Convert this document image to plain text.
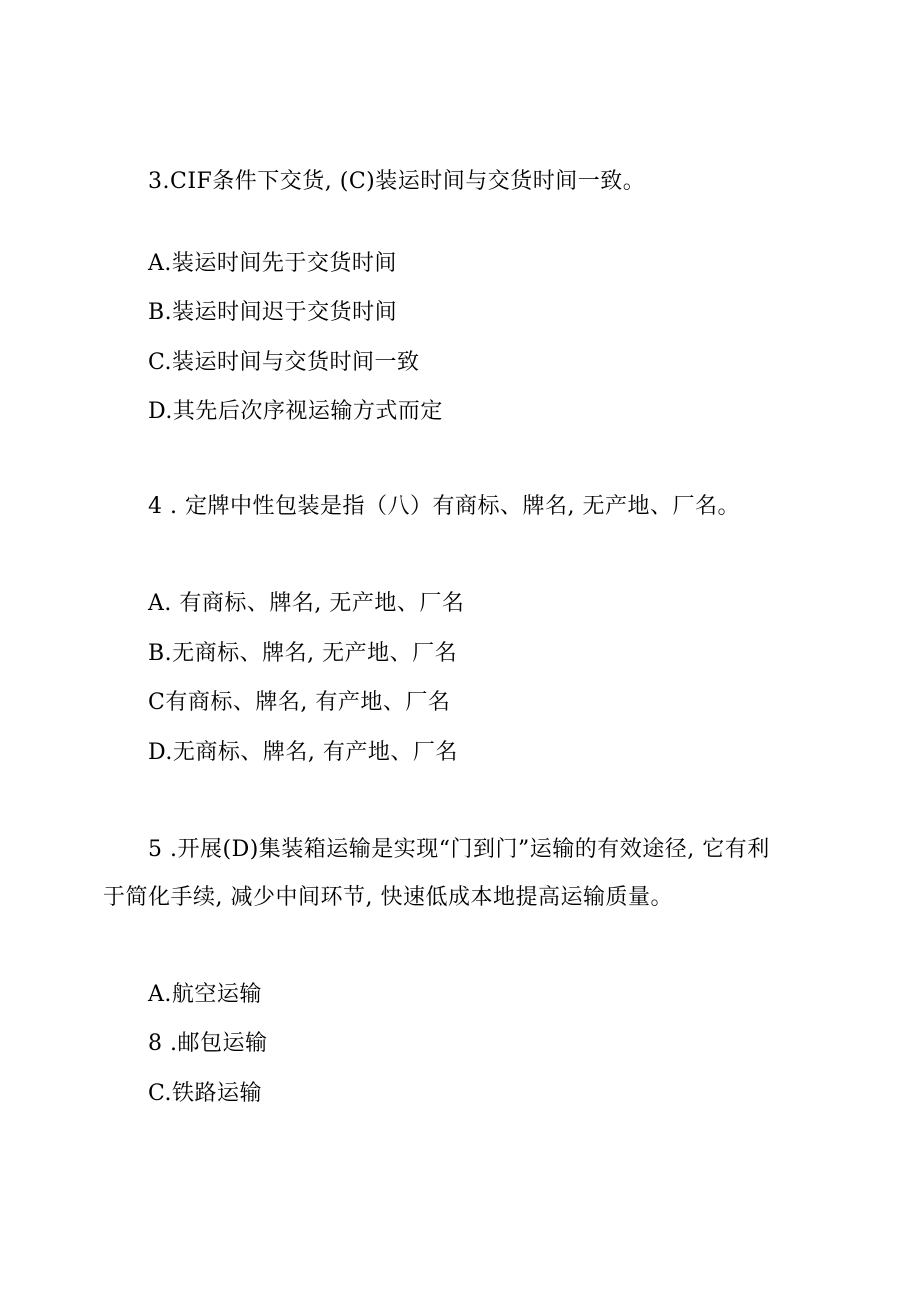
3.CIF条件下交货, (C)装运时间与交货时间一致。
A.装运时间先于交货时间
B.装运时间迟于交货时间
C.装运时间与交货时间一致
D.其先后次序视运输方式而定
4 . 定牌中性包装是指（八）有商标、牌名, 无产地、厂名。
A. 有商标、牌名, 无产地、厂名
B.无商标、牌名, 无产地、厂名
C有商标、牌名, 有产地、厂名
D.无商标、牌名, 有产地、厂名
5 .开展(D)集装箱运输是实现“门到门”运输的有效途径, 它有利
于简化手续, 减少中间环节, 快速低成本地提高运输质量。
A.航空运输
8 .邮包运输
C.铁路运输
